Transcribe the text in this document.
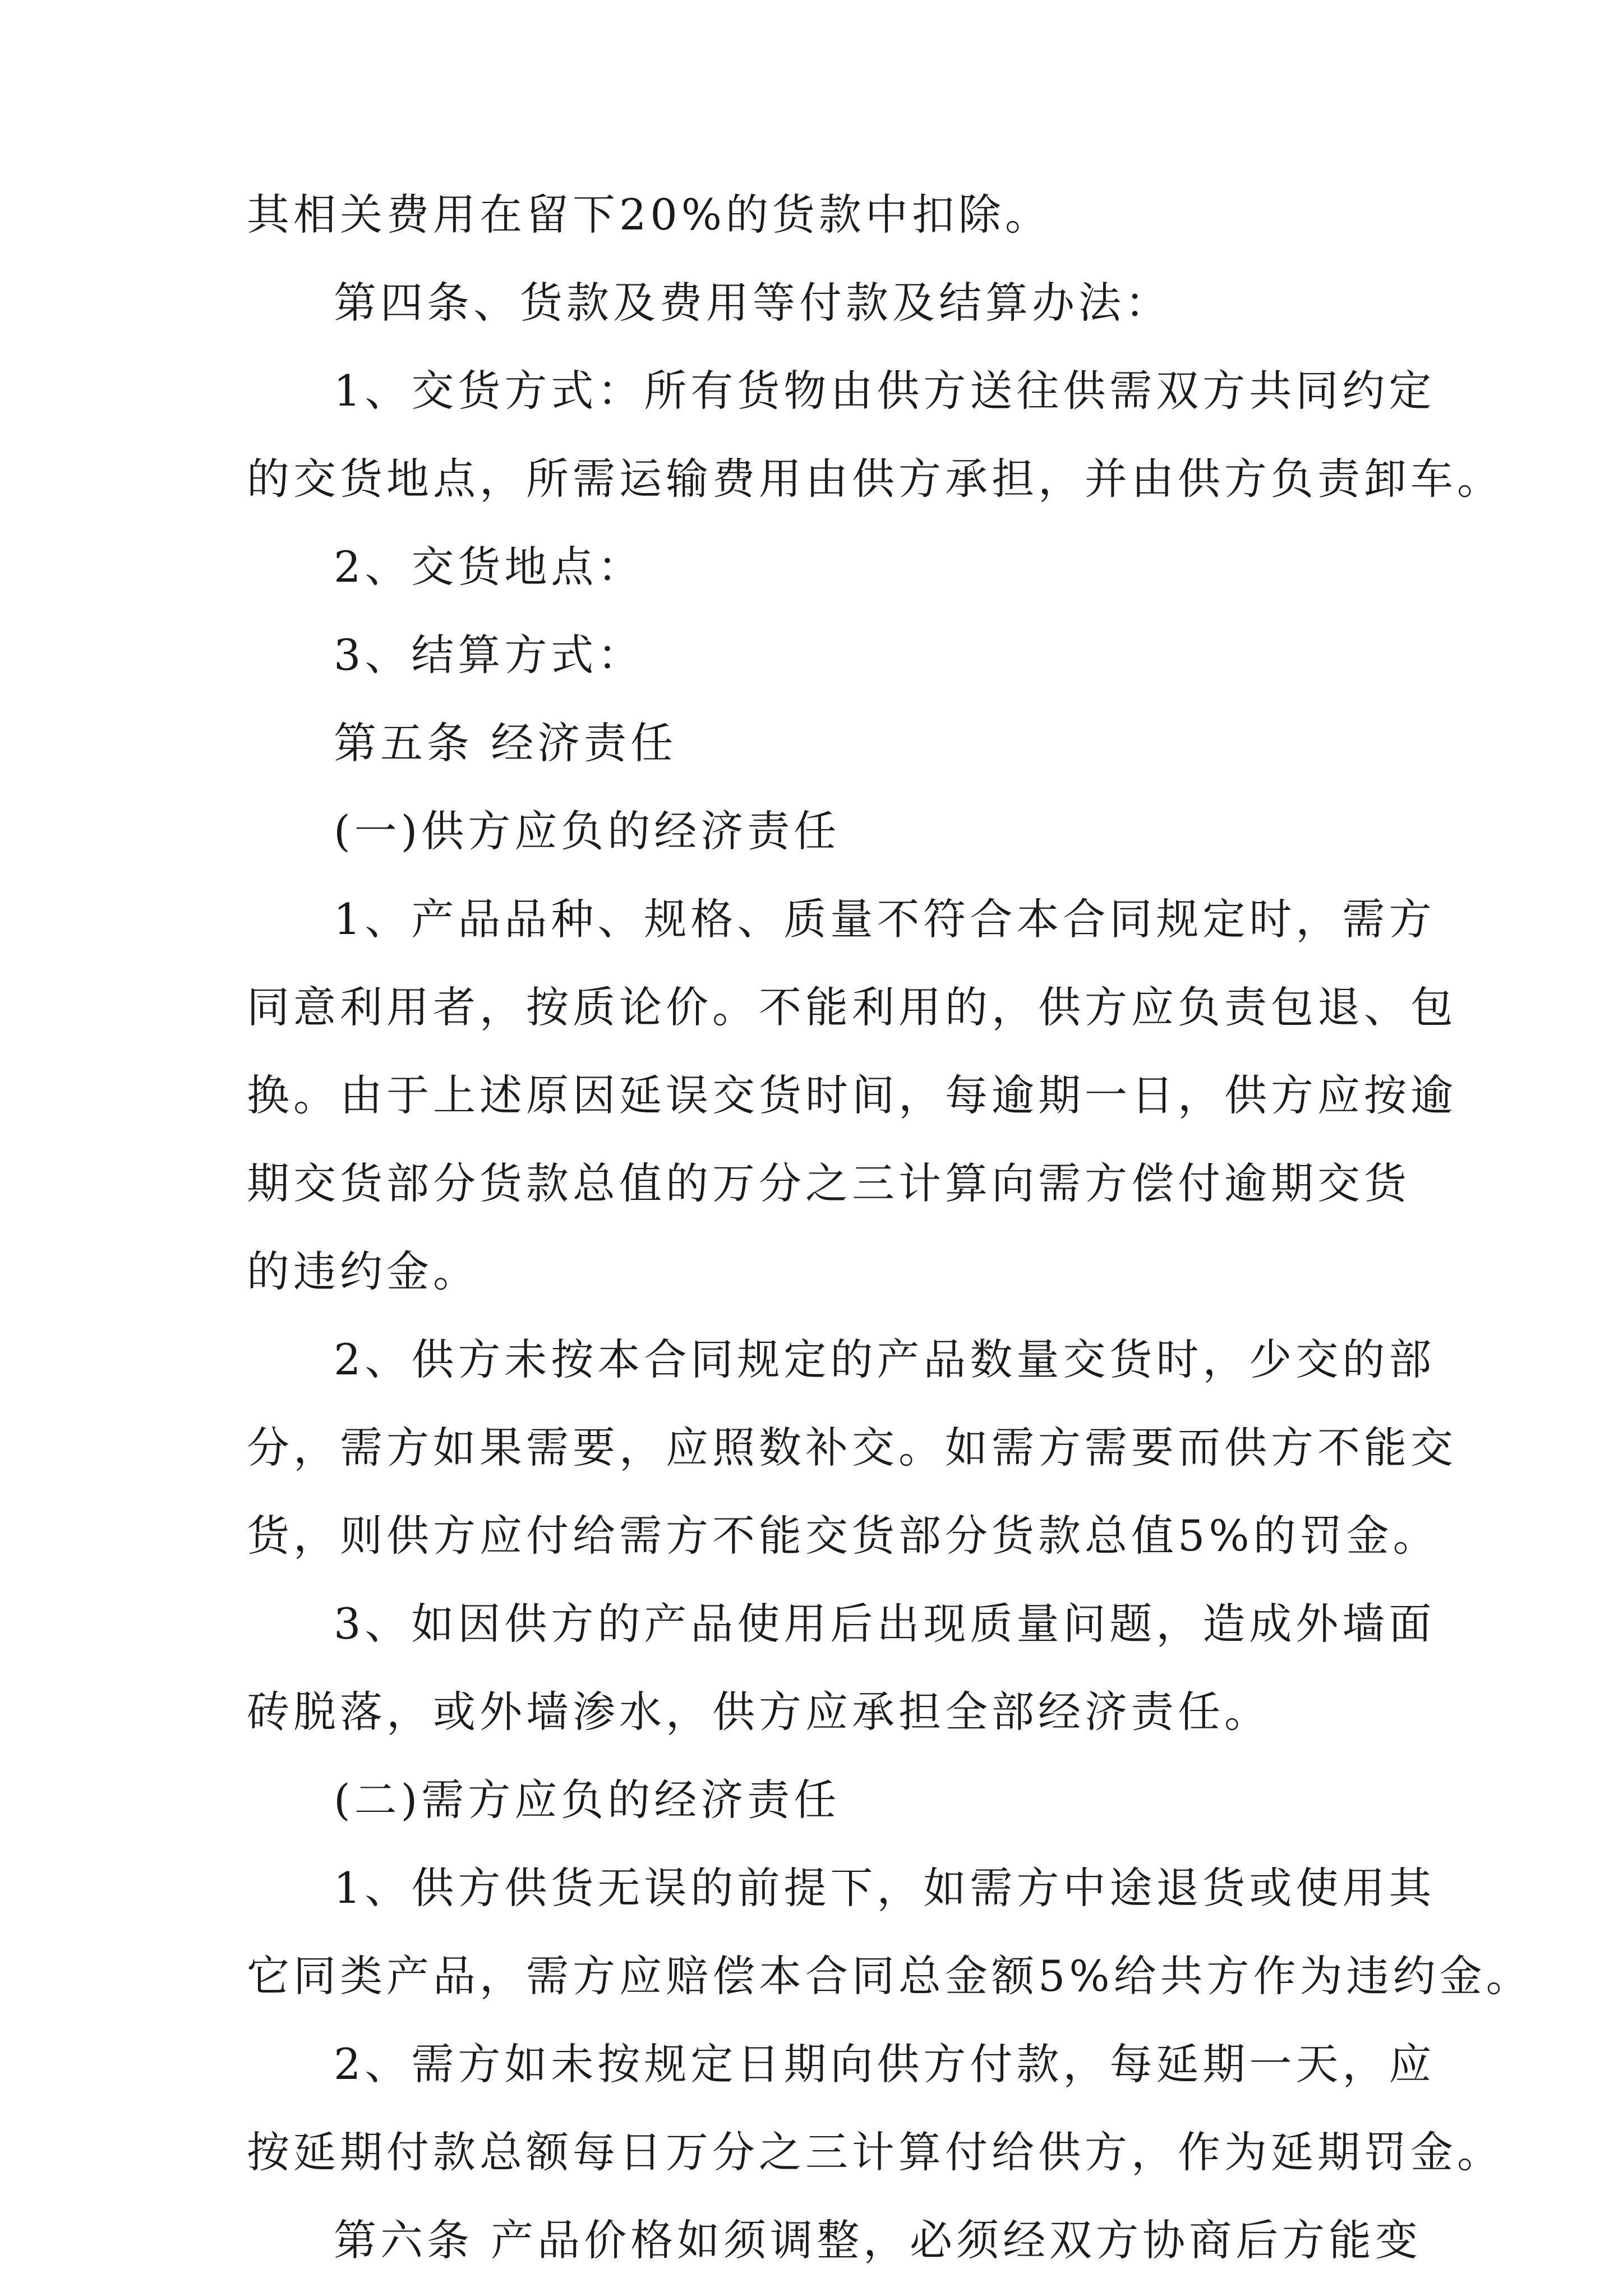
其相关费用在留下20%的货款中扣除。
第四条、货款及费用等付款及结算办法：
1、交货方式：所有货物由供方送往供需双方共同约定
的交货地点，所需运输费用由供方承担，并由供方负责卸车。
2、交货地点：
3、结算方式：
第五条 经济责任
(一)供方应负的经济责任
1、产品品种、规格、质量不符合本合同规定时，需方
同意利用者，按质论价。不能利用的，供方应负责包退、包
换。由于上述原因延误交货时间，每逾期一日，供方应按逾
期交货部分货款总值的万分之三计算向需方偿付逾期交货
的违约金。
2、供方未按本合同规定的产品数量交货时，少交的部
分，需方如果需要，应照数补交。如需方需要而供方不能交
货，则供方应付给需方不能交货部分货款总值5%的罚金。
3、如因供方的产品使用后出现质量问题，造成外墙面
砖脱落，或外墙渗水，供方应承担全部经济责任。
(二)需方应负的经济责任
1、供方供货无误的前提下，如需方中途退货或使用其
它同类产品，需方应赔偿本合同总金额5%给共方作为违约金。
2、需方如未按规定日期向供方付款，每延期一天，应
按延期付款总额每日万分之三计算付给供方，作为延期罚金。
第六条 产品价格如须调整，必须经双方协商后方能变
